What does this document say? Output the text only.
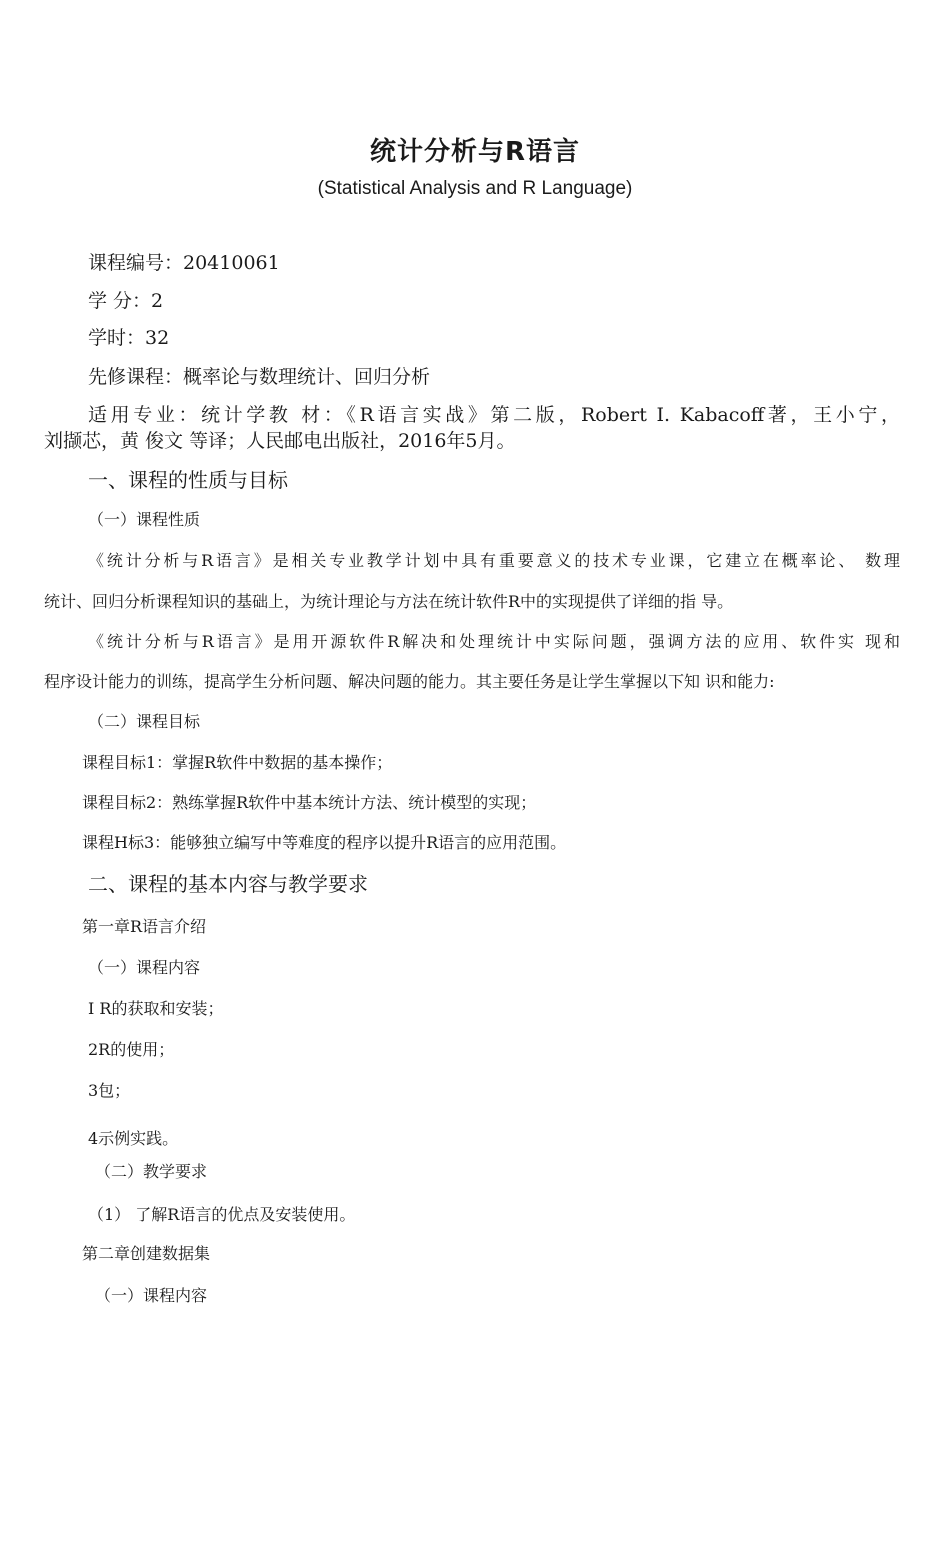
统计分析与R语言
(Statistical Analysis and R Language)
课程编号：20410061
学 分：2
学时：32
先修课程：概率论与数理统计、回归分析
适用专业：统计学教 材：《R语言实战》第二版，Robert I. Kabacoff著，王小宁，
刘撷芯，黄 俊文 等译；人民邮电出版社，2016年5月。
一、课程的性质与目标
（一）课程性质
《统计分析与R语言》是相关专业教学计划中具有重要意义的技术专业课，它建立在概率论、 数理
统计、回归分析课程知识的基础上，为统计理论与方法在统计软件R中的实现提供了详细的指 导。
《统计分析与R语言》是用开源软件R解决和处理统计中实际问题，强调方法的应用、软件实 现和
程序设计能力的训练，提高学生分析问题、解决问题的能力。其主要任务是让学生掌握以下知 识和能力:
（二）课程目标
课程目标1：掌握R软件中数据的基本操作；
课程目标2：熟练掌握R软件中基本统计方法、统计模型的实现；
课程H标3：能够独立编写中等难度的程序以提升R语言的应用范围。
二、课程的基本内容与教学要求
第一章R语言介绍
（一）课程内容
I R的获取和安装；
2R的使用；
3包；
4示例实践。
（二）教学要求
（1） 了解R语言的优点及安装使用。
第二章创建数据集
（一）课程内容
